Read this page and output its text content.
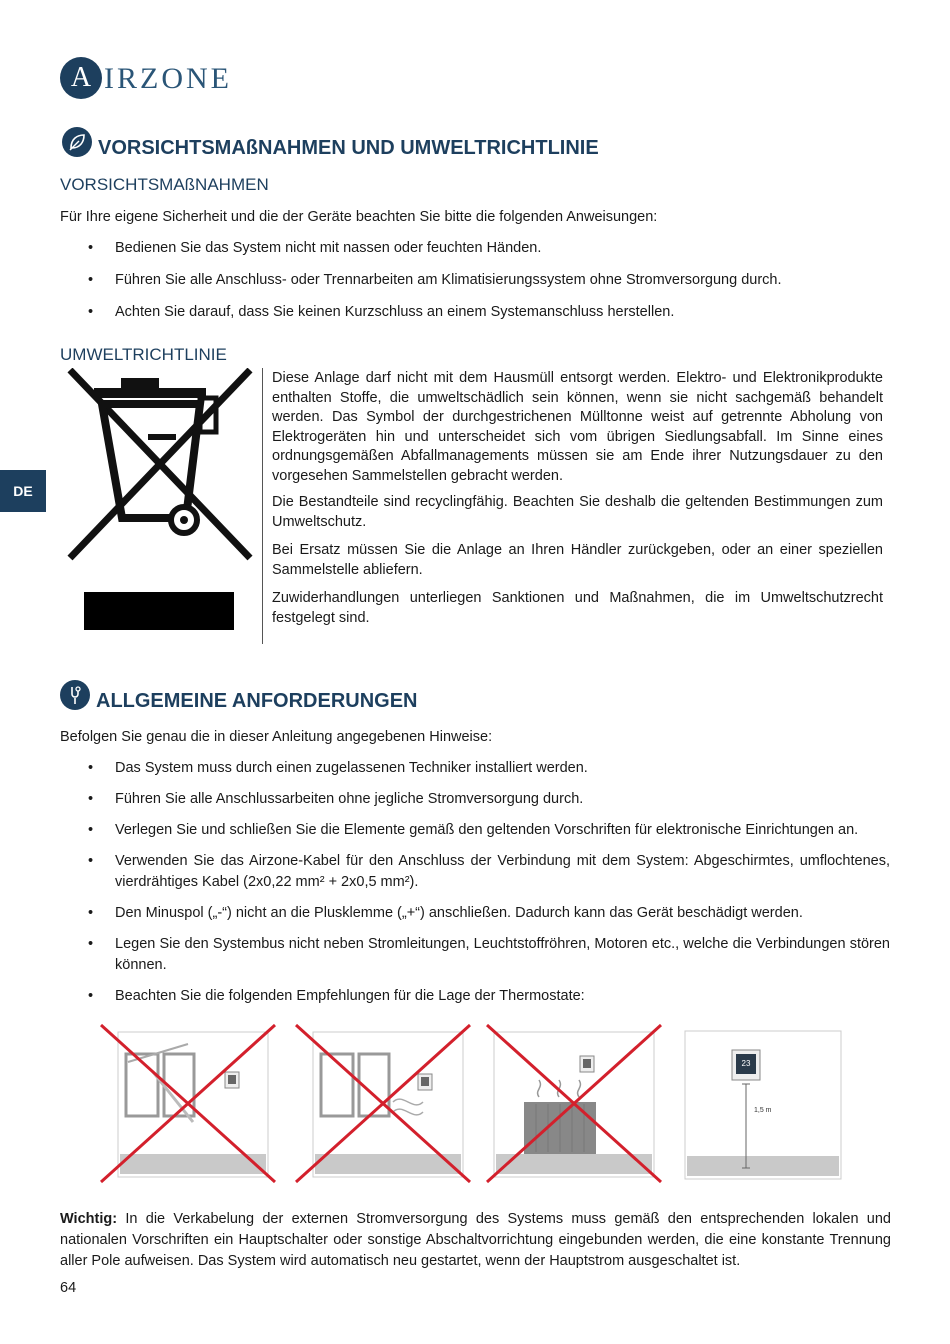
A IRZONE
DE
VORSICHTSMAßNAHMEN UND UMWELTRICHTLINIE
VORSICHTSMAßNAHMEN
Für Ihre eigene Sicherheit und die der Geräte beachten Sie bitte die folgenden Anweisungen:
• Bedienen Sie das System nicht mit nassen oder feuchten Händen.
• Führen Sie alle Anschluss- oder Trennarbeiten am Klimatisierungssystem ohne Stromversorgung durch.
• Achten Sie darauf, dass Sie keinen Kurzschluss an einem Systemanschluss herstellen.
UMWELTRICHTLINIE
Diese Anlage darf nicht mit dem Hausmüll entsorgt werden. Elektro- und Elektronikprodukte enthalten Stoffe, die umweltschädlich sein können, wenn sie nicht sachgemäß behandelt werden. Das Symbol der durchgestrichenen Mülltonne weist auf getrennte Abholung von Elektrogeräten hin und unterscheidet sich vom übrigen Siedlungsabfall. Im Sinne eines ordnungsgemäßen Abfallmanagements müssen sie am Ende ihrer Nutzungsdauer zu den vorgesehen Sammelstellen gebracht werden.
Die Bestandteile sind recyclingfähig. Beachten Sie deshalb die geltenden Bestimmungen zum Umweltschutz.
Bei Ersatz müssen Sie die Anlage an Ihren Händler zurückgeben, oder an einer speziellen Sammelstelle abliefern.
Zuwiderhandlungen unterliegen Sanktionen und Maßnahmen, die im Umweltschutzrecht festgelegt sind.
ALLGEMEINE ANFORDERUNGEN
Befolgen Sie genau die in dieser Anleitung angegebenen Hinweise:
• Das System muss durch einen zugelassenen Techniker installiert werden.
• Führen Sie alle Anschlussarbeiten ohne jegliche Stromversorgung durch.
• Verlegen Sie und schließen Sie die Elemente gemäß den geltenden Vorschriften für elektronische Einrichtungen an.
• Verwenden Sie das Airzone-Kabel für den Anschluss der Verbindung mit dem System: Abgeschirmtes, umflochtenes, vierdrähtiges Kabel (2x0,22 mm² + 2x0,5 mm²).
• Den Minuspol („-“) nicht an die Plusklemme („+“) anschließen. Dadurch kann das Gerät beschädigt werden.
• Legen Sie den Systembus nicht neben Stromleitungen, Leuchtstoffröhren, Motoren etc., welche die Verbindungen stören können.
• Beachten Sie die folgenden Empfehlungen für die Lage der Thermostate:
23
1,5 m
Wichtig: In die Verkabelung der externen Stromversorgung des Systems muss gemäß den entsprechenden lokalen und nationalen Vorschriften ein Hauptschalter oder sonstige Abschaltvorrichtung eingebunden werden, die eine konstante Trennung aller Pole aufweisen. Das System wird automatisch neu gestartet, wenn der Hauptstrom ausgeschaltet ist.
64
